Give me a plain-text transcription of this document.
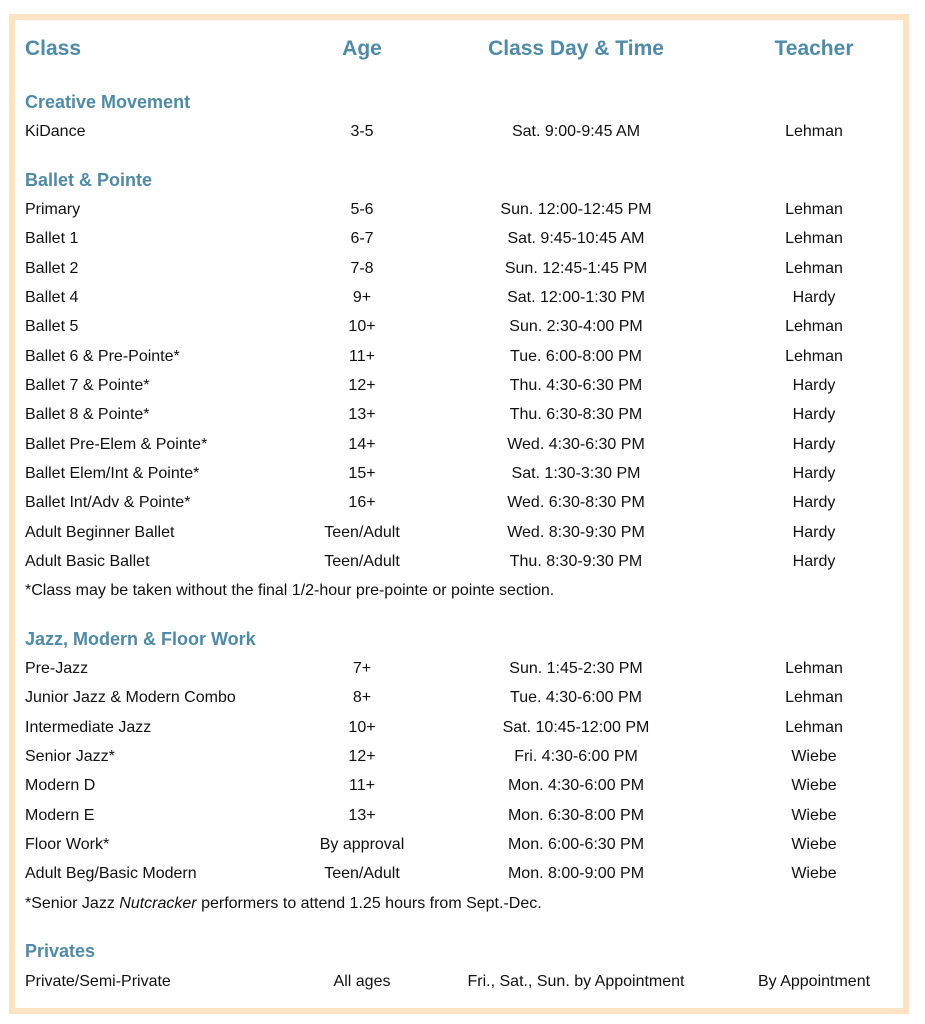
Class	Age	Class Day & Time	Teacher
Creative Movement
KiDance	3-5	Sat. 9:00-9:45 AM	Lehman
Ballet & Pointe
Primary	5-6	Sun. 12:00-12:45 PM	Lehman
Ballet 1	6-7	Sat. 9:45-10:45 AM	Lehman
Ballet 2	7-8	Sun. 12:45-1:45 PM	Lehman
Ballet 4	9+	Sat. 12:00-1:30 PM	Hardy
Ballet 5	10+	Sun. 2:30-4:00 PM	Lehman
Ballet 6 & Pre-Pointe*	11+	Tue. 6:00-8:00 PM	Lehman
Ballet 7 & Pointe*	12+	Thu. 4:30-6:30 PM	Hardy
Ballet 8 & Pointe*	13+	Thu. 6:30-8:30 PM	Hardy
Ballet Pre-Elem & Pointe*	14+	Wed. 4:30-6:30 PM	Hardy
Ballet Elem/Int & Pointe*	15+	Sat. 1:30-3:30 PM	Hardy
Ballet Int/Adv & Pointe*	16+	Wed. 6:30-8:30 PM	Hardy
Adult Beginner Ballet	Teen/Adult	Wed. 8:30-9:30 PM	Hardy
Adult Basic Ballet	Teen/Adult	Thu. 8:30-9:30 PM	Hardy
*Class may be taken without the final 1/2-hour pre-pointe or pointe section.
Jazz, Modern & Floor Work
Pre-Jazz	7+	Sun. 1:45-2:30 PM	Lehman
Junior Jazz & Modern Combo	8+	Tue. 4:30-6:00 PM	Lehman
Intermediate Jazz	10+	Sat. 10:45-12:00 PM	Lehman
Senior Jazz*	12+	Fri. 4:30-6:00 PM	Wiebe
Modern D	11+	Mon. 4:30-6:00 PM	Wiebe
Modern E	13+	Mon. 6:30-8:00 PM	Wiebe
Floor Work*	By approval	Mon. 6:00-6:30 PM	Wiebe
Adult Beg/Basic Modern	Teen/Adult	Mon. 8:00-9:00 PM	Wiebe
*Senior Jazz Nutcracker performers to attend 1.25 hours from Sept.-Dec.
Privates
Private/Semi-Private	All ages	Fri., Sat., Sun. by Appointment	By Appointment
